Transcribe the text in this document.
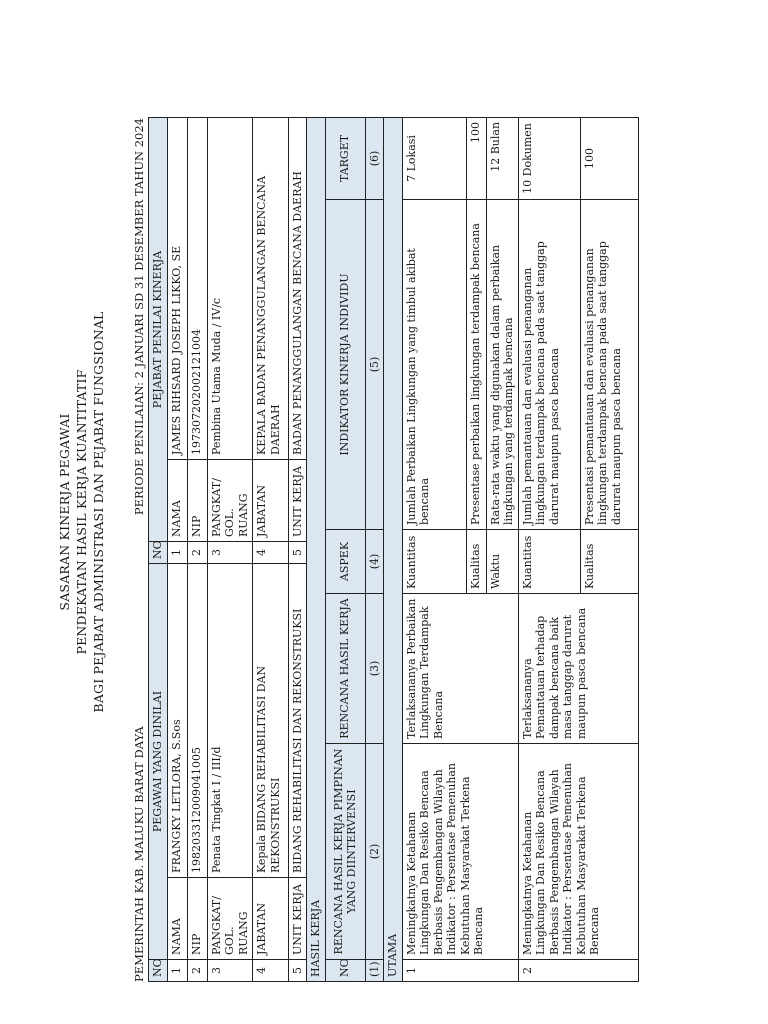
SASARAN KINERJA PEGAWAI PENDEKATAN HASIL KERJA KUANTITATIF BAGI PEJABAT ADMINISTRASI DAN PEJABAT FUNGSIONAL
PEMERINTAH KAB. MALUKU BARAT DAYA
PERIODE PENILAIAN: 2 JANUARI SD 31 DESEMBER TAHUN 2024
NO	PEGAWAI YANG DINILAI		NO	PEJABAT PENILAI KINERJA	
1	NAMA	FRANGKY LETLORA, S.Sos	1	NAMA	JAMES RIHSARD JOSEPH LIKKO, SE
2	NIP	198203312009041005	2	NIP	197307202002121004
3	PANGKAT/ GOL. RUANG	Penata Tingkat I / III/d	3	PANGKAT/ GOL. RUANG	Pembina Utama Muda / IV/c
4	JABATAN	Kepala BIDANG REHABILITASI DAN REKONSTRUKSI	4	JABATAN	KEPALA BADAN PENANGGULANGAN BENCANA DAERAH
5	UNIT KERJA	BIDANG REHABILITASI DAN REKONSTRUKSI	5	UNIT KERJA	BADAN PENANGGULANGAN BENCANA DAERAH
HASIL KERJA					
NO	RENCANA HASIL KERJA PIMPINAN YANG DIINTERVENSI	RENCANA HASIL KERJA	ASPEK	INDIKATOR KINERJA INDIVIDU	TARGET
(1)	(2)	(3)	(4)	(5)	(6)
UTAMA					
1	Meningkatnya Ketahanan Lingkungan Dan Resiko Bencana Berbasis Pengembangan Wilayah Indikator : Persentase Pemenuhan Kebutuhan Masyarakat Terkena Bencana	Terlaksananya Perbaikan Lingkungan Terdampak Bencana	Kuantitas	Jumlah Perbaikan Lingkungan yang timbul akibat bencana	7 Lokasi
			Kualitas	Presentase perbaikan lingkungan terdampak bencana	100
			Waktu	Rata-rata waktu yang digunakan dalam perbaikan lingkungan yang terdampak bencana	12 Bulan
2	Meningkatnya Ketahanan Lingkungan Dan Resiko Bencana Berbasis Pengembangan Wilayah Indikator : Persentase Pemenuhan Kebutuhan Masyarakat Terkena Bencana	Terlaksananya Pemantauan terhadap dampak bencana baik masa tanggap darurat maupun pasca bencana	Kuantitas	Jumlah pemantauan dan evaluasi penanganan lingkungan terdampak bencana pada saat tanggap darurat maupun pasca bencana	10 Dokumen
			Kualitas	Presentasi pemantauan dan evaluasi penanganan lingkungan terdampak bencana pada saat tanggap darurat maupun pasca bencana	100
